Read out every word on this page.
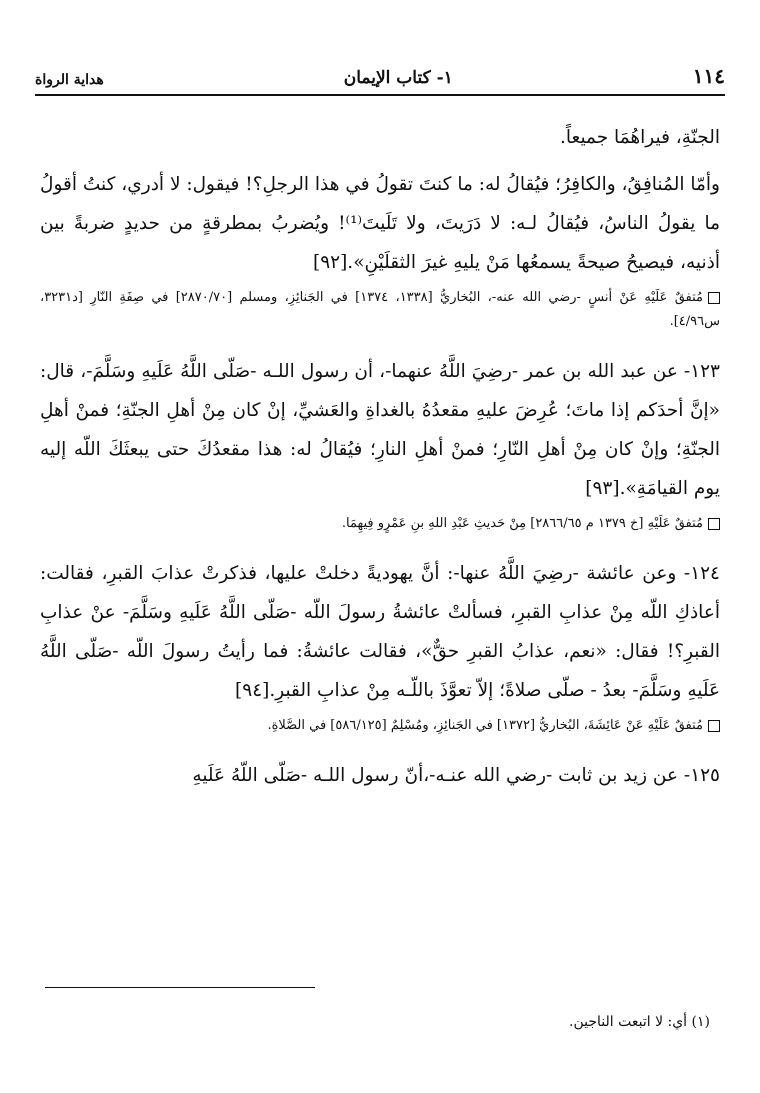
١١٤
١- كتاب الإيمان
هداية الرواة

الجنّةِ، فيراهُمَا جميعاً.

وأمّا المُنافِقُ، والكافِرُ؛ فيُقالُ له: ما كنتَ تقولُ في هذا الرجلِ؟! فيقول: لا أدري، كنتُ أقولُ ما يقولُ الناسُ، فيُقالُ لـه: لا دَرَيتَ، ولا تَلَيتَ⁽¹⁾! ويُضربُ بمطرقةٍ من حديدٍ ضربةً بين أذنيه، فيصيحُ صيحةً يسمعُها مَنْ يليهِ غيرَ الثقلَيْنِ».[٩٢]

مُتفقٌ عَلَيْهِ عَنْ أنسٍ -رضي الله عنه-، البُخاريُّ [١٣٣٨، ١٣٧٤] في الجَنائِزِ، ومسلم [٢٨٧٠/٧٠] في صِفَةِ النّارِ [د٣٢٣١، س٤/٩٦].

١٢٣- عن عبد الله بن عمر -رضِيَ اللَّهُ عنهما-، أن رسول اللـه -صَلّى اللَّهُ عَلَيهِ وسَلَّمَ-، قال: «إنَّ أحدَكم إذا ماتَ؛ عُرِضَ عليهِ مقعدُهُ بالغداةِ والعَشيِّ، إنْ كان مِنْ أهلِ الجنّةِ؛ فمنْ أهلِ الجنّةِ؛ وإنْ كان مِنْ أهلِ النّارِ؛ فمنْ أهلِ النارِ؛ فيُقالُ له: هذا مقعدُكَ حتى يبعثَكَ اللّه إليه يوم القيامَةِ».[٩٣]

مُتفقٌ عَلَيْهِ [خ ١٣٧٩ م ٢٨٦٦/٦٥] مِنْ حَديثِ عَبْدِ اللهِ بنِ عَمْرٍو فِيهِمَا.

١٢٤- وعن عائشة -رضِيَ اللَّهُ عنها-: أنَّ يهوديةً دخلتْ عليها، فذكرتْ عذابَ القبرِ، فقالت: أعاذكِ اللّه مِنْ عذابِ القبرِ، فسألتْ عائشةُ رسولَ اللّه -صَلّى اللَّهُ عَلَيهِ وسَلَّمَ- عنْ عذابِ القبرِ؟! فقال: «نعم، عذابُ القبرِ حقٌّ»، فقالت عائشةُ: فما رأيتُ رسولَ اللّه -صَلّى اللَّهُ عَلَيهِ وسَلَّمَ- بعدُ - صلّى صلاةً؛ إلاّ تعوَّذَ باللّـه مِنْ عذابِ القبرِ.[٩٤]

مُتفقٌ عَلَيْهِ عَنْ عَائِشَةَ، البُخاريُّ [١٣٧٢] في الجَنائِزِ، ومُسْلِمٌ [٥٨٦/١٢٥] في الصَّلاةِ.

١٢٥- عن زيد بن ثابت -رضي الله عنـه-،أنّ رسول اللـه -صَلّى اللّهُ عَلَيهِ

(١) أي: لا اتبعت الناجين.
